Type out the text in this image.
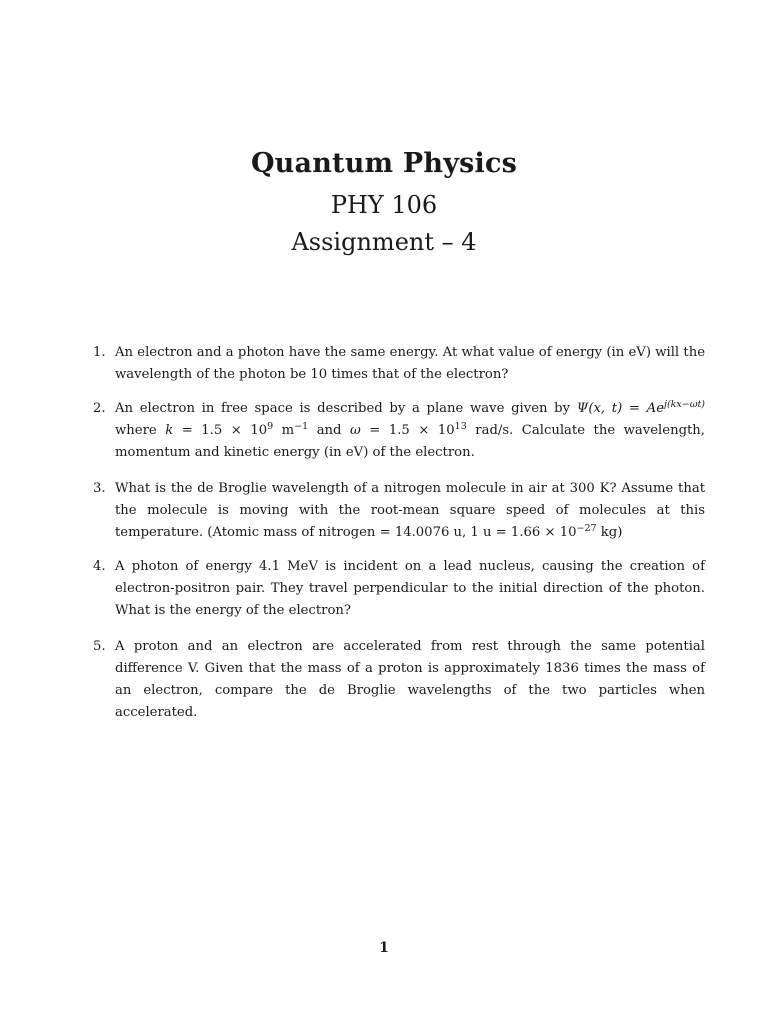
Quantum Physics
PHY 106
Assignment – 4
1. An electron and a photon have the same energy. At what value of energy (in eV) will the wavelength of the photon be 10 times that of the electron?
2. An electron in free space is described by a plane wave given by Ψ(x, $t) = Ae^{j(kx-\omega t)}$ where $k = 1.5 \times 10^9$ $m^{-1}$ and $\omega = 1.5 \times 10^{13}$ rad/s. Calculate the wavelength, momentum and kinetic energy (in eV) of the electron.
3. What is the de Broglie wavelength of a nitrogen molecule in air at 300 K? Assume that the molecule is moving with the root-mean square speed of molecules at this temperature. (Atomic mass of nitrogen = 14.0076 u, 1 $u = 1.66 \times 10^{-27}$ kg)
4. A photon of energy 4.1 MeV is incident on a lead nucleus, causing the creation of electron-positron pair. They travel perpendicular to the initial direction of the photon. What is the energy of the electron?
5. A proton and an electron are accelerated from rest through the same potential difference V. Given that the mass of a proton is approximately 1836 times the mass of an electron, compare the de Broglie wavelengths of the two particles when accelerated.
1
